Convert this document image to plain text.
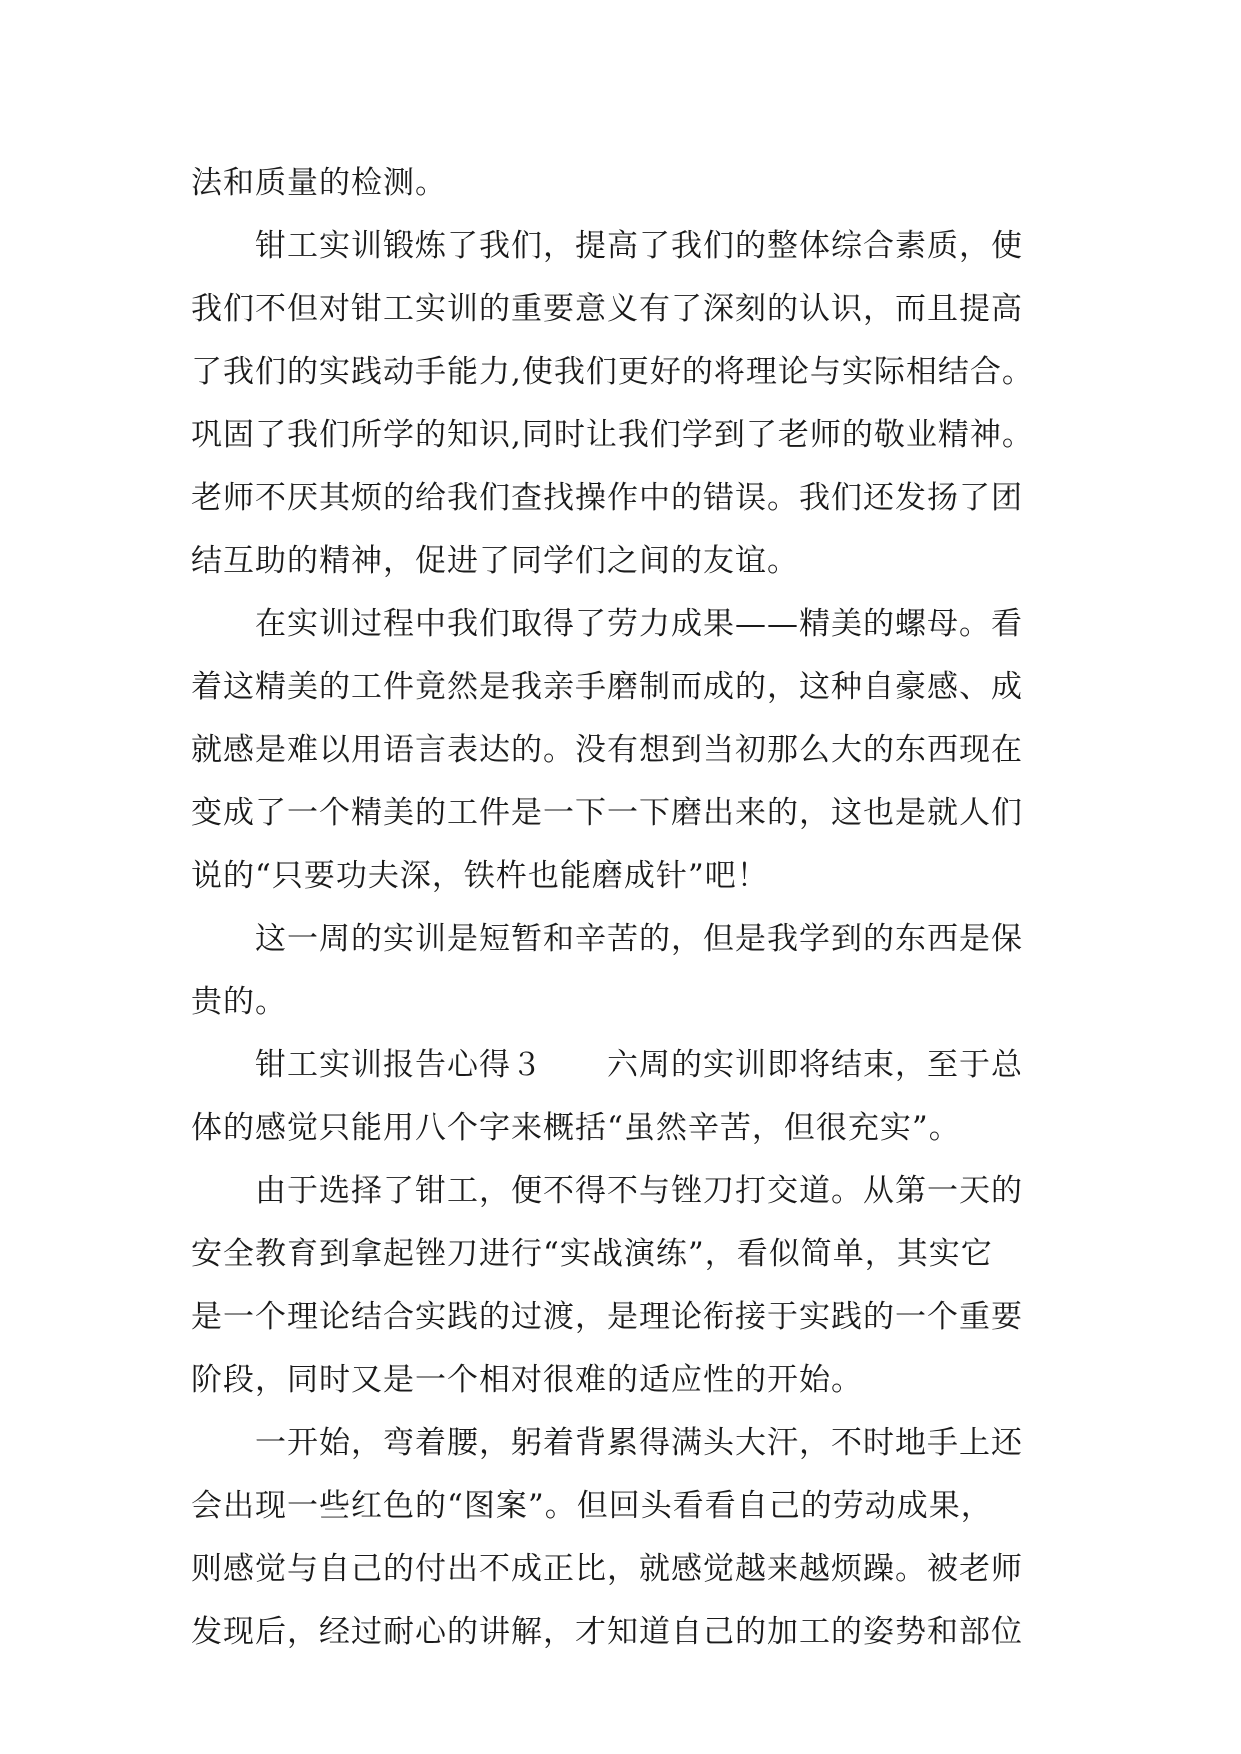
法和质量的检测。
钳工实训锻炼了我们，提高了我们的整体综合素质，使
我们不但对钳工实训的重要意义有了深刻的认识，而且提高
了我们的实践动手能力,使我们更好的将理论与实际相结合。
巩固了我们所学的知识,同时让我们学到了老师的敬业精神。
老师不厌其烦的给我们查找操作中的错误。我们还发扬了团
结互助的精神，促进了同学们之间的友谊。
在实训过程中我们取得了劳力成果——精美的螺母。看
着这精美的工件竟然是我亲手磨制而成的，这种自豪感、成
就感是难以用语言表达的。没有想到当初那么大的东西现在
变成了一个精美的工件是一下一下磨出来的，这也是就人们
说的“只要功夫深，铁杵也能磨成针”吧！
这一周的实训是短暂和辛苦的，但是我学到的东西是保
贵的。
钳工实训报告心得３　　六周的实训即将结束，至于总
体的感觉只能用八个字来概括“虽然辛苦，但很充实”。
由于选择了钳工，便不得不与锉刀打交道。从第一天的
安全教育到拿起锉刀进行“实战演练”，看似简单，其实它
是一个理论结合实践的过渡，是理论衔接于实践的一个重要
阶段，同时又是一个相对很难的适应性的开始。
一开始，弯着腰，躬着背累得满头大汗，不时地手上还
会出现一些红色的“图案”。但回头看看自己的劳动成果，
则感觉与自己的付出不成正比，就感觉越来越烦躁。被老师
发现后，经过耐心的讲解，才知道自己的加工的姿势和部位
